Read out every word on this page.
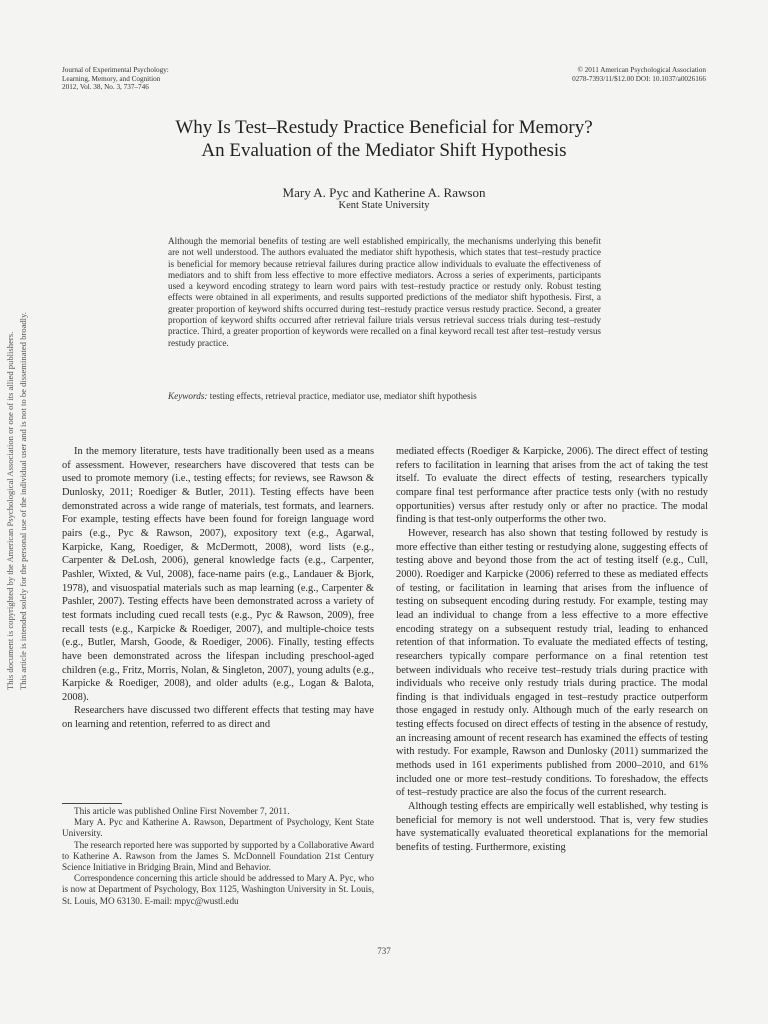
Journal of Experimental Psychology:
Learning, Memory, and Cognition
2012, Vol. 38, No. 3, 737–746
© 2011 American Psychological Association
0278-7393/11/$12.00 DOI: 10.1037/a0026166
Why Is Test–Restudy Practice Beneficial for Memory?
An Evaluation of the Mediator Shift Hypothesis
Mary A. Pyc and Katherine A. Rawson
Kent State University

Although the memorial benefits of testing are well established empirically, the mechanisms underlying this benefit are not well understood. The authors evaluated the mediator shift hypothesis, which states that test–restudy practice is beneficial for memory because retrieval failures during practice allow individuals to evaluate the effectiveness of mediators and to shift from less effective to more effective mediators. Across a series of experiments, participants used a keyword encoding strategy to learn word pairs with test–restudy practice or restudy only. Robust testing effects were obtained in all experiments, and results supported predictions of the mediator shift hypothesis. First, a greater proportion of keyword shifts occurred during test–restudy practice versus restudy practice. Second, a greater proportion of keyword shifts occurred after retrieval failure trials versus retrieval success trials during test–restudy practice. Third, a greater proportion of keywords were recalled on a final keyword recall test after test–restudy versus restudy practice.

Keywords: testing effects, retrieval practice, mediator use, mediator shift hypothesis
This document is copyrighted by the American Psychological Association or one of its allied publishers. This article is intended solely for the personal use of the individual user and is not to be disseminated broadly.	In the memory literature, tests have traditionally been used as a means of assessment. However, researchers have discovered that tests can be used to promote memory (i.e., testing effects; for reviews, see Rawson & Dunlosky, 2011; Roediger & Butler, 2011). Testing effects have been demonstrated across a wide range of materials, test formats, and learners. For example, testing effects have been found for foreign language word pairs (e.g., Pyc & Rawson, 2007), expository text (e.g., Agarwal, Karpicke, Kang, Roediger, & McDermott, 2008), word lists (e.g., Carpenter & DeLosh, 2006), general knowledge facts (e.g., Carpenter, Pashler, Wixted, & Vul, 2008), face-name pairs (e.g., Landauer & Bjork, 1978), and visuospatial materials such as map learning (e.g., Carpenter & Pashler, 2007). Testing effects have been demonstrated across a variety of test formats including cued recall tests (e.g., Pyc & Rawson, 2009), free recall tests (e.g., Karpicke & Roediger, 2007), and multiple-choice tests (e.g., Butler, Marsh, Goode, & Roediger, 2006). Finally, testing effects have been demonstrated across the lifespan including preschool-aged children (e.g., Fritz, Morris, Nolan, & Singleton, 2007), young adults (e.g., Karpicke & Roediger, 2008), and older adults (e.g., Logan & Balota, 2008).

Researchers have discussed two different effects that testing may have on learning and retention, referred to as direct and

This article was published Online First November 7, 2011.

Mary A. Pyc and Katherine A. Rawson, Department of Psychology, Kent State University.

The research reported here was supported by supported by a Collaborative Award to Katherine A. Rawson from the James S. McDonnell Foundation 21st Century Science Initiative in Bridging Brain, Mind and Behavior.

Correspondence concerning this article should be addressed to Mary A. Pyc, who is now at Department of Psychology, Box 1125, Washington University in St. Louis, St. Louis, MO 63130. E-mail: mpyc@wustl.edu

mediated effects (Roediger & Karpicke, 2006). The direct effect of testing refers to facilitation in learning that arises from the act of taking the test itself. To evaluate the direct effects of testing, researchers typically compare final test performance after practice tests only (with no restudy opportunities) versus after restudy only or after no practice. The modal finding is that test-only outperforms the other two.

However, research has also shown that testing followed by restudy is more effective than either testing or restudying alone, suggesting effects of testing above and beyond those from the act of testing itself (e.g., Cull, 2000). Roediger and Karpicke (2006) referred to these as mediated effects of testing, or facilitation in learning that arises from the influence of testing on subsequent encoding during restudy. For example, testing may lead an individual to change from a less effective to a more effective encoding strategy on a subsequent restudy trial, leading to enhanced retention of that information. To evaluate the mediated effects of testing, researchers typically compare performance on a final retention test between individuals who receive test–restudy trials during practice with individuals who receive only restudy trials during practice. The modal finding is that individuals engaged in test–restudy practice outperform those engaged in restudy only. Although much of the early research on testing effects focused on direct effects of testing in the absence of restudy, an increasing amount of recent research has examined the effects of testing with restudy. For example, Rawson and Dunlosky (2011) summarized the methods used in 161 experiments published from 2000–2010, and 61% included one or more test–restudy conditions. To foreshadow, the effects of test–restudy practice are also the focus of the current research.

Although testing effects are empirically well established, why testing is beneficial for memory is not well understood. That is, very few studies have systematically evaluated theoretical explanations for the memorial benefits of testing. Furthermore, existing

737
